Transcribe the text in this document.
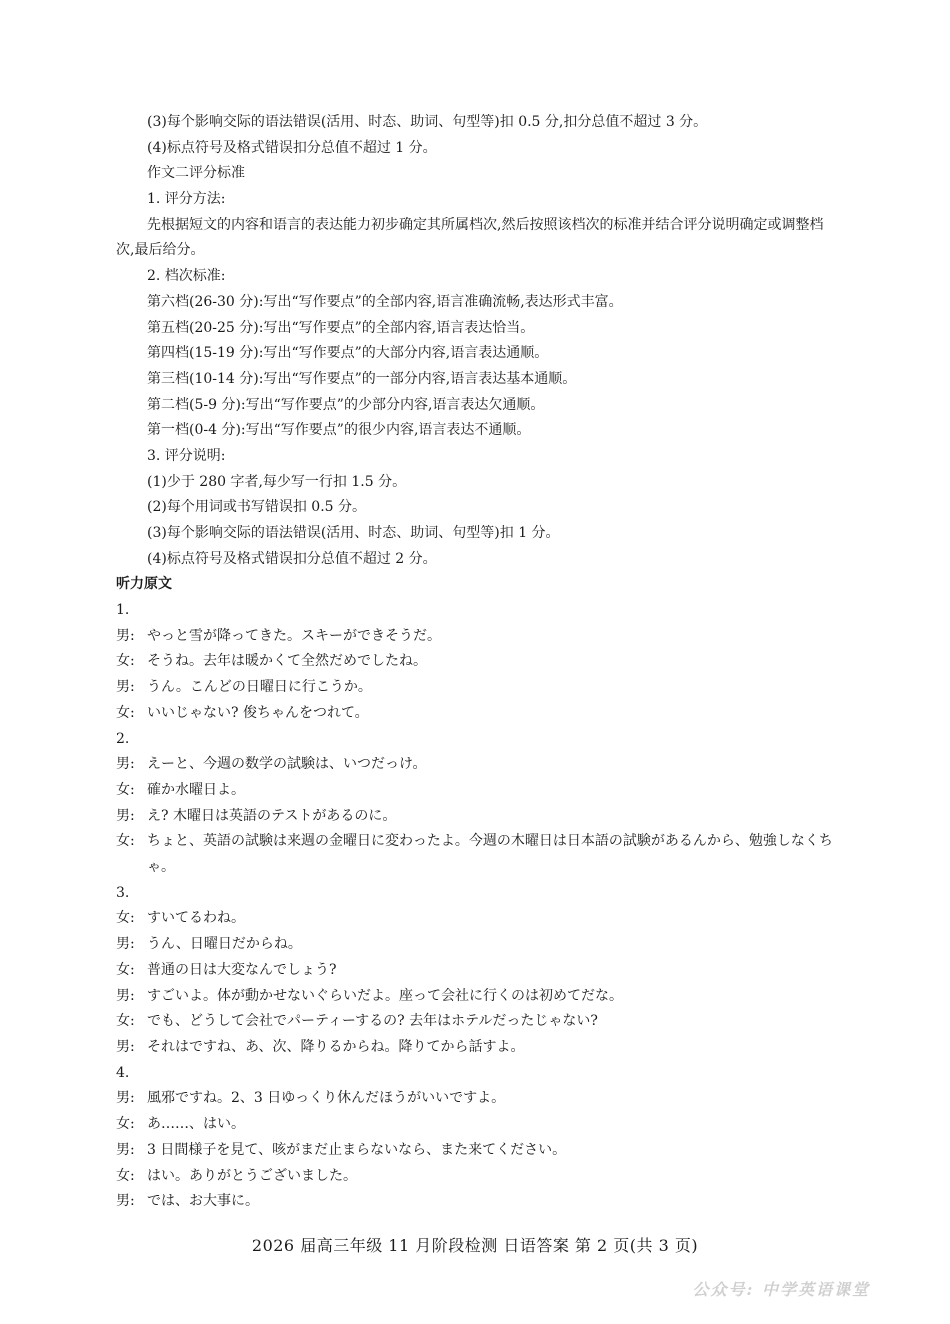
(3)每个影响交际的语法错误(活用、时态、助词、句型等)扣 0.5 分,扣分总值不超过 3 分。
(4)标点符号及格式错误扣分总值不超过 1 分。
作文二评分标准
1. 评分方法:
先根据短文的内容和语言的表达能力初步确定其所属档次,然后按照该档次的标准并结合评分说明确定或调整档次,最后给分。
2. 档次标准:
第六档(26-30 分):写出“写作要点”的全部内容,语言准确流畅,表达形式丰富。
第五档(20-25 分):写出“写作要点”的全部内容,语言表达恰当。
第四档(15-19 分):写出“写作要点”的大部分内容,语言表达通顺。
第三档(10-14 分):写出“写作要点”的一部分内容,语言表达基本通顺。
第二档(5-9 分):写出“写作要点”的少部分内容,语言表达欠通顺。
第一档(0-4 分):写出“写作要点”的很少内容,语言表达不通顺。
3. 评分说明:
(1)少于 280 字者,每少写一行扣 1.5 分。
(2)每个用词或书写错误扣 0.5 分。
(3)每个影响交际的语法错误(活用、时态、助词、句型等)扣 1 分。
(4)标点符号及格式错误扣分总值不超过 2 分。
听力原文
1.
男: やっと雪が降ってきた。スキーができそうだ。
女: そうね。去年は暖かくて全然だめでしたね。
男: うん。こんどの日曜日に行こうか。
女: いいじゃない? 俊ちゃんをつれて。
2.
男: えーと、今週の数学の試験は、いつだっけ。
女: 確か水曜日よ。
男: え? 木曜日は英語のテストがあるのに。
女: ちょと、英語の試験は来週の金曜日に変わったよ。今週の木曜日は日本語の試験があるんから、勉強しなくちゃ。
3.
女: すいてるわね。
男: うん、日曜日だからね。
女: 普通の日は大変なんでしょう?
男: すごいよ。体が動かせないぐらいだよ。座って会社に行くのは初めてだな。
女: でも、どうして会社でパーティーするの? 去年はホテルだったじゃない?
男: それはですね、あ、次、降りるからね。降りてから話すよ。
4.
男: 風邪ですね。2、3 日ゆっくり休んだほうがいいですよ。
女: あ……、はい。
男: 3 日間様子を見て、咳がまだ止まらないなら、また来てください。
女: はい。ありがとうございました。
男: では、お大事に。
2026 届高三年级 11 月阶段检测 日语答案 第 2 页(共 3 页)
公众号: 中学英语课堂
